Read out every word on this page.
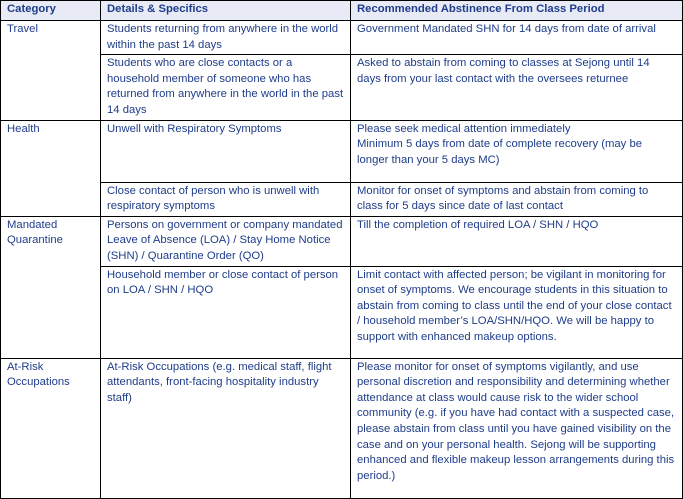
Category	Details & Specifics	Recommended Abstinence From Class Period
Travel	Students returning from anywhere in the world within the past 14 days	Government Mandated SHN for 14 days from date of arrival

	Students who are close contacts or a household member of someone who has returned from anywhere in the world in the past 14 days	Asked to abstain from coming to classes at Sejong until 14 days from your last contact with the oversees returnee

Health	Unwell with Respiratory Symptoms	Please seek medical attention immediately
Minimum 5 days from date of complete recovery (may be longer than your 5 days MC)

	Close contact of person who is unwell with respiratory symptoms	Monitor for onset of symptoms and abstain from coming to class for 5 days since date of last contact

Mandated Quarantine	Persons on government or company mandated Leave of Absence (LOA) / Stay Home Notice (SHN) / Quarantine Order (QO)	Till the completion of required LOA / SHN / HQO

	Household member or close contact of person on LOA / SHN / HQO	Limit contact with affected person; be vigilant in monitoring for onset of symptoms. We encourage students in this situation to abstain from coming to class until the end of your close contact / household member’s LOA/SHN/HQO. We will be happy to support with enhanced makeup options.

At-Risk Occupations	At-Risk Occupations (e.g. medical staff, flight attendants, front-facing hospitality industry staff)	Please monitor for onset of symptoms vigilantly, and use personal discretion and responsibility and determining whether attendance at class would cause risk to the wider school community (e.g. if you have had contact with a suspected case, please abstain from class until you have gained visibility on the case and on your personal health. Sejong will be supporting enhanced and flexible makeup lesson arrangements during this period.)
